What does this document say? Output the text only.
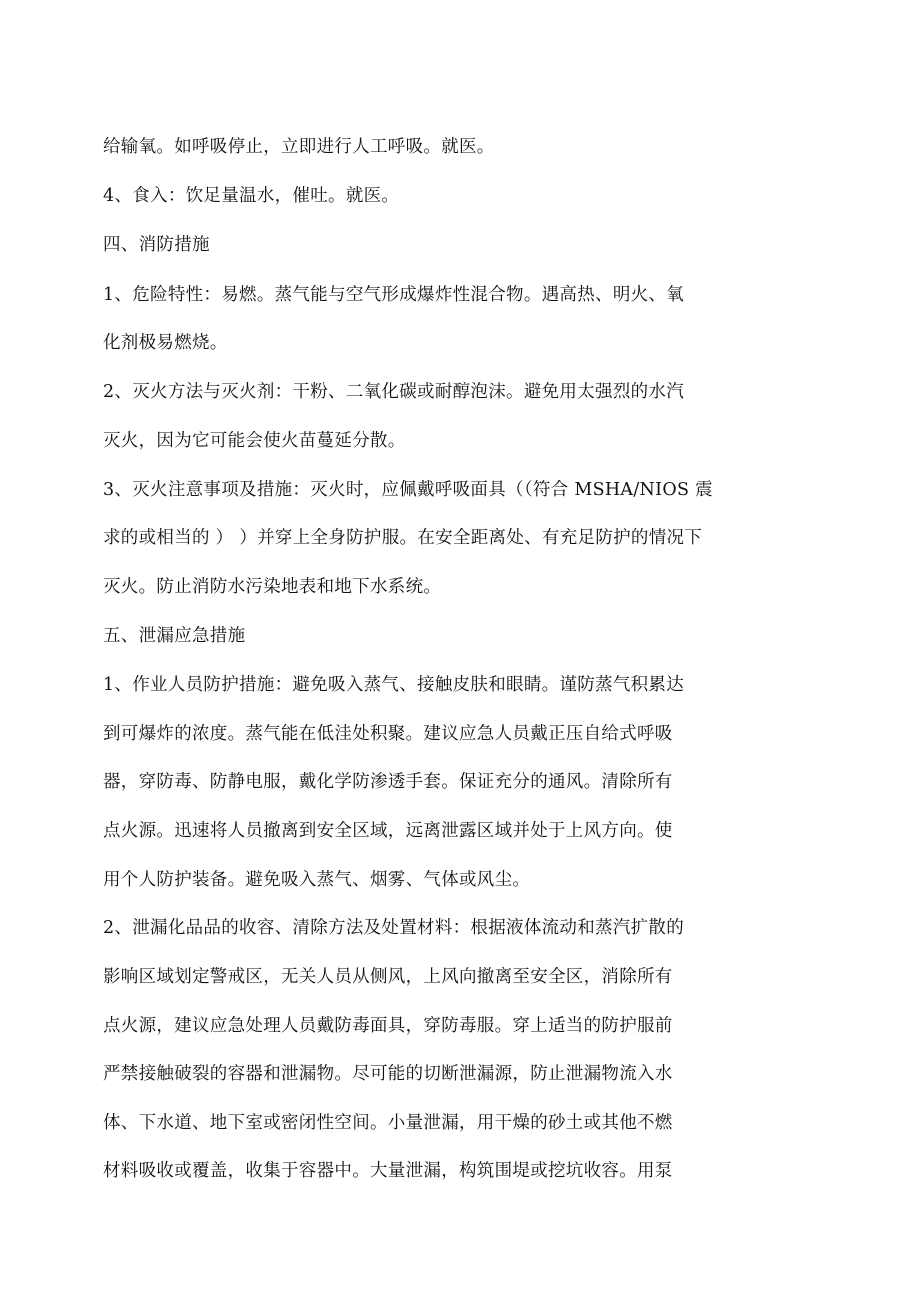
给输氧。如呼吸停止，立即进行人工呼吸。就医。
4、食入：饮足量温水，催吐。就医。
四、消防措施
1、危险特性：易燃。蒸气能与空气形成爆炸性混合物。遇高热、明火、氧
化剂极易燃烧。
2、灭火方法与灭火剂：干粉、二氧化碳或耐醇泡沫。避免用太强烈的水汽
灭火，因为它可能会使火苗蔓延分散。
3、灭火注意事项及措施：灭火时，应佩戴呼吸面具（（符合 MSHA/NIOS 震
求的或相当的 ） ）并穿上全身防护服。在安全距离处、有充足防护的情况下
灭火。防止消防水污染地表和地下水系统。
五、泄漏应急措施
1、作业人员防护措施：避免吸入蒸气、接触皮肤和眼睛。谨防蒸气积累达
到可爆炸的浓度。蒸气能在低洼处积聚。建议应急人员戴正压自给式呼吸
器，穿防毒、防静电服，戴化学防渗透手套。保证充分的通风。清除所有
点火源。迅速将人员撤离到安全区域，远离泄露区域并处于上风方向。使
用个人防护装备。避免吸入蒸气、烟雾、气体或风尘。
2、泄漏化品品的收容、清除方法及处置材料：根据液体流动和蒸汽扩散的
影响区域划定警戒区，无关人员从侧风，上风向撤离至安全区，消除所有
点火源，建议应急处理人员戴防毒面具，穿防毒服。穿上适当的防护服前
严禁接触破裂的容器和泄漏物。尽可能的切断泄漏源，防止泄漏物流入水
体、下水道、地下室或密闭性空间。小量泄漏，用干燥的砂土或其他不燃
材料吸收或覆盖，收集于容器中。大量泄漏，构筑围堤或挖坑收容。用泵
